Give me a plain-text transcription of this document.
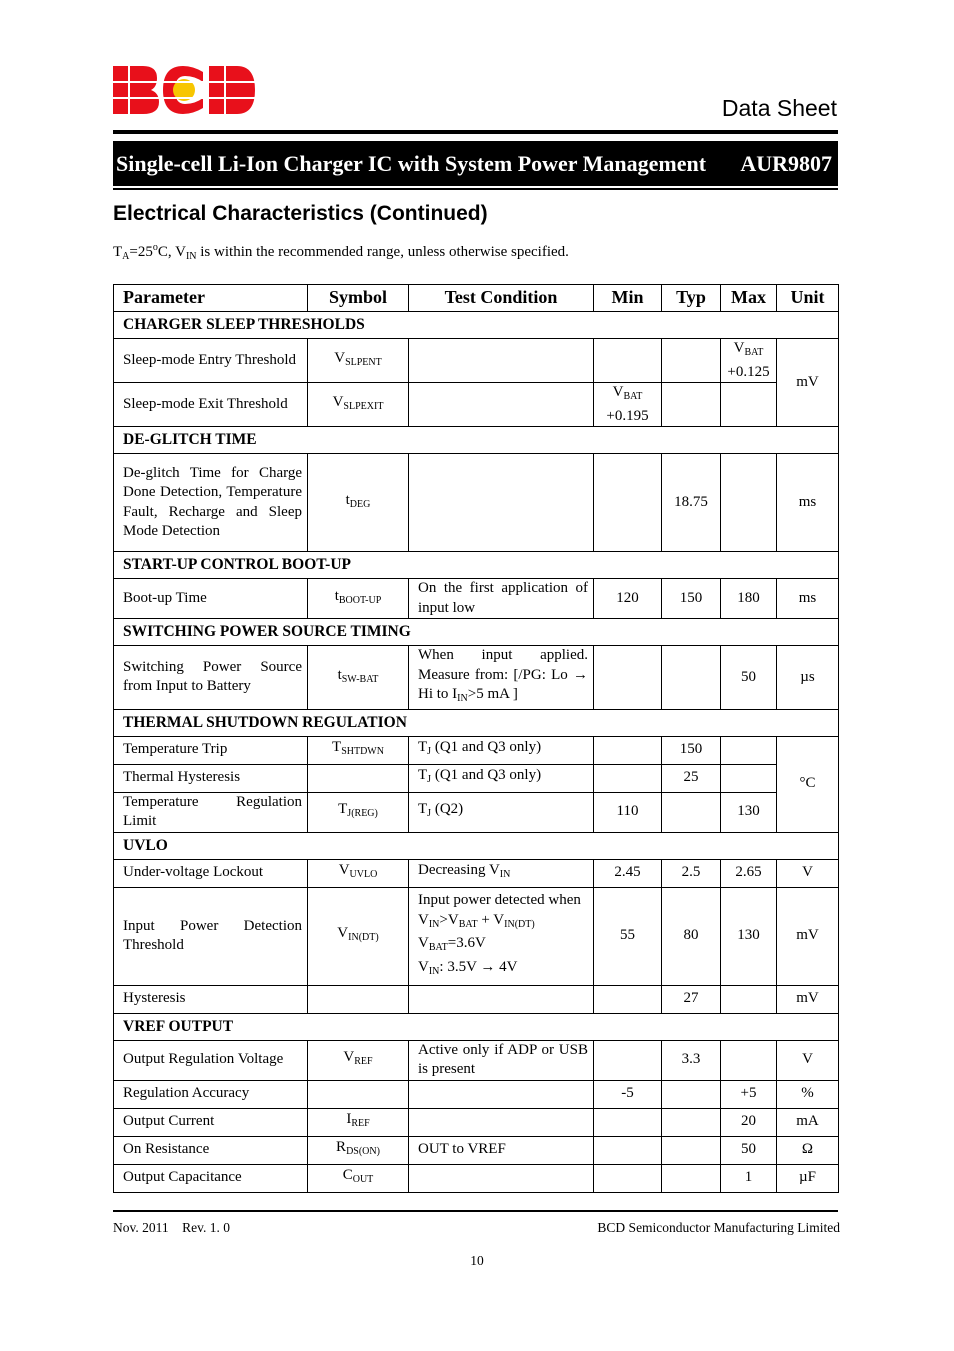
Data Sheet
Single-cell Li-Ion Charger IC with System Power Management AUR9807
Electrical Characteristics (Continued)
$T_A=25^oC$, $V_{IN}$ is within the recommended range, unless otherwise specified.
Parameter	Symbol	Test Condition	Min	Typ	Max	Unit
CHARGER SLEEP THRESHOLDS						
Sleep-mode Entry Threshold	$V_{SLPENT}$				$V_{BAT}$
+0.125	mV
Sleep-mode Exit Threshold	$V_{SLPEXIT}$		$V_{BAT}$
+0.195			
DE-GLITCH TIME						
De-glitch Time for Charge Done Detection, Temperature Fault, Recharge and Sleep Mode Detection	$t_{DEG}$			18.75		ms
START-UP CONTROL BOOT-UP						
Boot-up Time	$t_{BOOT-UP}$	On the first application of input low	120	150	180	ms
SWITCHING POWER SOURCE TIMING						
Switching Power Source from Input to Battery	$t_{SW-BAT}$	When input applied. Measure from: [/PG: Lo → Hi to $I_{IN}>5$ mA ]			50	µs
THERMAL SHUTDOWN REGULATION						
Temperature Trip	$T_{SHTDWN}$	$T_J$ (Q1 and Q3 only)		150		°C
Thermal Hysteresis		$T_J$ (Q1 and Q3 only)		25		
Temperature Regulation Limit	$T_{J(REG)}$	$T_J$ (Q2)	110		130	
UVLO						
Under-voltage Lockout	$V_{UVLO}$	Decreasing $V_{IN}$	2.45	2.5	2.65	V
Input Power Detection Threshold	$V_{IN(DT)}$	Input power detected when
$V_{IN}>V_{BAT} + V_{IN(DT)}$
$V_{BAT}=3.6V$
$V_{IN}$: 3.5V → 4V	55	80	130	mV
Hysteresis				27		mV
VREF OUTPUT						
Output Regulation Voltage	$V_{REF}$	Active only if ADP or USB is present		3.3		V
Regulation Accuracy			-5		+5	%
Output Current	$I_{REF}$				20	mA
On Resistance	$R_{DS(ON)}$	OUT to VREF			50	Ω
Output Capacitance	$C_{OUT}$				1	µF
Nov. 2011 Rev. 1. 0	BCD Semiconductor Manufacturing Limited
10
